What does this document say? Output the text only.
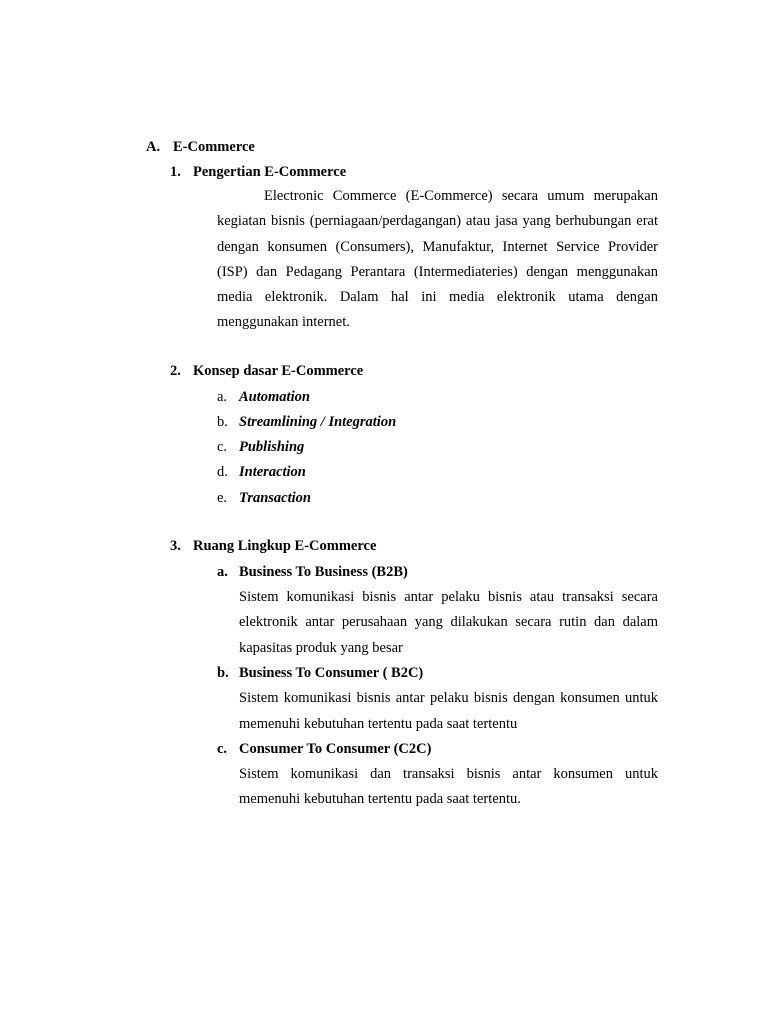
A. E-Commerce
1. Pengertian E-Commerce
Electronic Commerce (E-Commerce) secara umum merupakan kegiatan bisnis (perniagaan/perdagangan) atau jasa yang berhubungan erat dengan konsumen (Consumers), Manufaktur, Internet Service Provider (ISP) dan Pedagang Perantara (Intermediateries) dengan menggunakan media elektronik. Dalam hal ini media elektronik utama dengan menggunakan internet.
2. Konsep dasar E-Commerce
a. Automation
b. Streamlining / Integration
c. Publishing
d. Interaction
e. Transaction
3. Ruang Lingkup E-Commerce
a. Business To Business (B2B)
Sistem komunikasi bisnis antar pelaku bisnis atau transaksi secara elektronik antar perusahaan yang dilakukan secara rutin dan dalam kapasitas produk yang besar
b. Business To Consumer ( B2C)
Sistem komunikasi bisnis antar pelaku bisnis dengan konsumen untuk memenuhi kebutuhan tertentu pada saat tertentu
c. Consumer To Consumer (C2C)
Sistem komunikasi dan transaksi bisnis antar konsumen untuk memenuhi kebutuhan tertentu pada saat tertentu.
